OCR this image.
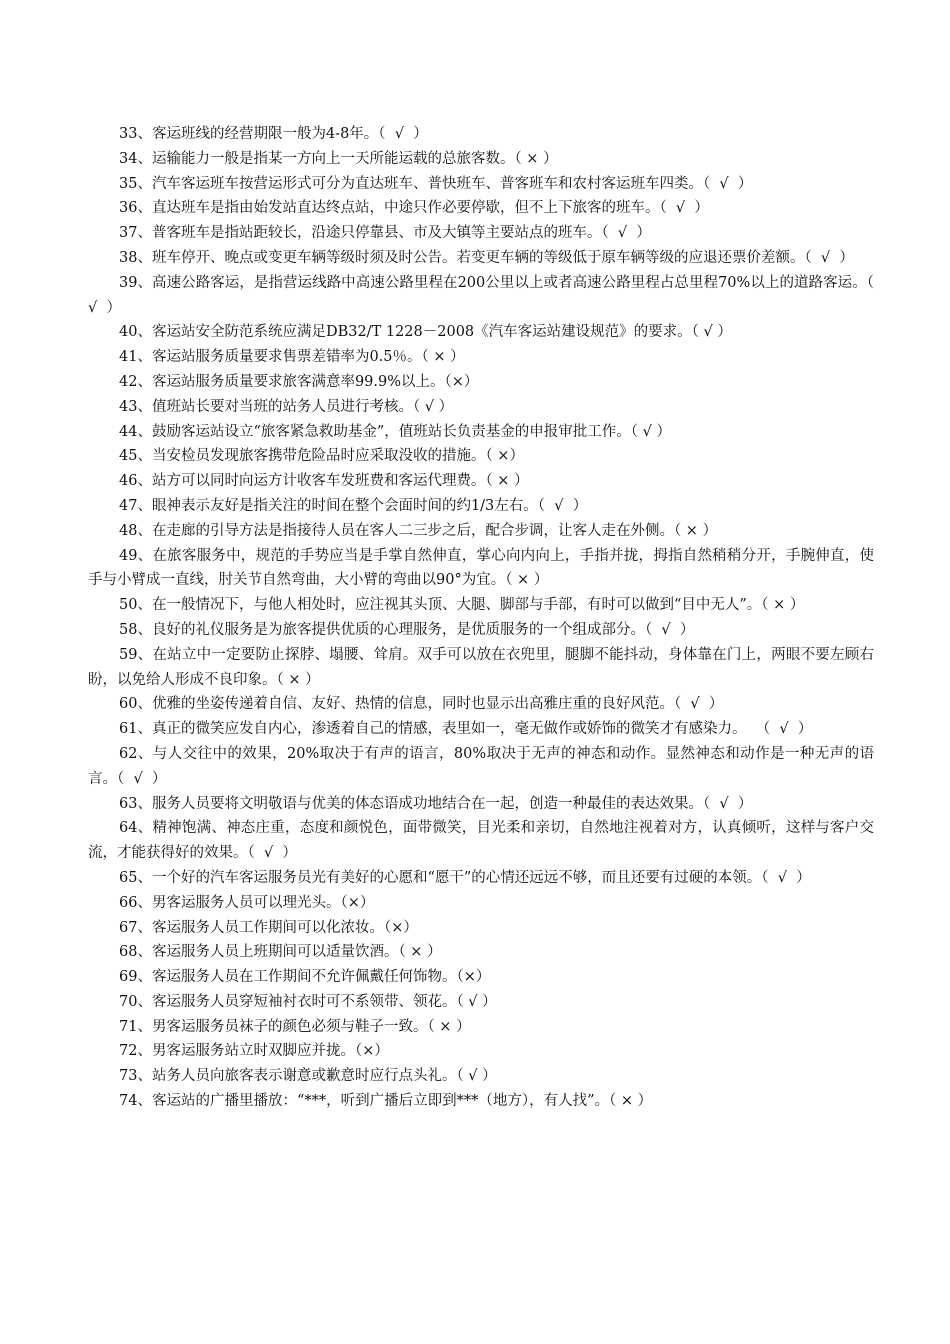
33、客运班线的经营期限一般为4-8年。（  √  ）
34、运输能力一般是指某一方向上一天所能运载的总旅客数。（ × ）
35、汽车客运班车按营运形式可分为直达班车、普快班车、普客班车和农村客运班车四类。（  √  ）
36、直达班车是指由始发站直达终点站，中途只作必要停歇，但不上下旅客的班车。（  √  ）
37、普客班车是指站距较长，沿途只停靠县、市及大镇等主要站点的班车。（  √  ）
38、班车停开、晚点或变更车辆等级时须及时公告。若变更车辆的等级低于原车辆等级的应退还票价差额。（  √  ）
39、高速公路客运，是指营运线路中高速公路里程在200公里以上或者高速公路里程占总里程70%以上的道路客运。（  √  ）
40、客运站安全防范系统应满足DB32/T 1228－2008《汽车客运站建设规范》的要求。（ √ ）
41、客运站服务质量要求售票差错率为0.5％。（ × ）
42、客运站服务质量要求旅客满意率99.9%以上。（×）
43、值班站长要对当班的站务人员进行考核。（ √ ）
44、鼓励客运站设立“旅客紧急救助基金”，值班站长负责基金的申报审批工作。（ √ ）
45、当安检员发现旅客携带危险品时应采取没收的措施。（ ×）
46、站方可以同时向运方计收客车发班费和客运代理费。（ × ）
47、眼神表示友好是指关注的时间在整个会面时间的约1/3左右。（  √  ）
48、在走廊的引导方法是指接待人员在客人二三步之后，配合步调，让客人走在外侧。（ × ）
49、在旅客服务中，规范的手势应当是手掌自然伸直，掌心向内向上，手指并拢，拇指自然稍稍分开，手腕伸直，使手与小臂成一直线，肘关节自然弯曲，大小臂的弯曲以90°为宜。（ × ）
50、在一般情况下，与他人相处时，应注视其头顶、大腿、脚部与手部，有时可以做到“目中无人”。（ × ）
58、良好的礼仪服务是为旅客提供优质的心理服务，是优质服务的一个组成部分。（  √  ）
59、在站立中一定要防止探脖、塌腰、耸肩。双手可以放在衣兜里，腿脚不能抖动，身体靠在门上，两眼不要左顾右盼，以免给人形成不良印象。（ × ）
60、优雅的坐姿传递着自信、友好、热情的信息，同时也显示出高雅庄重的良好风范。（  √  ）
61、真正的微笑应发自内心，渗透着自己的情感，表里如一，毫无做作或娇饰的微笑才有感染力。  （  √  ）
62、与人交往中的效果，20%取决于有声的语言，80%取决于无声的神态和动作。显然神态和动作是一种无声的语言。（  √  ）
63、服务人员要将文明敬语与优美的体态语成功地结合在一起，创造一种最佳的表达效果。（  √  ）
64、精神饱满、神态庄重，态度和颜悦色，面带微笑，目光柔和亲切，自然地注视着对方，认真倾听，这样与客户交流，才能获得好的效果。（  √  ）
65、一个好的汽车客运服务员光有美好的心愿和“愿干”的心情还远远不够，而且还要有过硬的本领。（  √  ）
66、男客运服务人员可以理光头。（×）
67、客运服务人员工作期间可以化浓妆。（×）
68、客运服务人员上班期间可以适量饮酒。（ × ）
69、客运服务人员在工作期间不允许佩戴任何饰物。（×）
70、客运服务人员穿短袖衬衣时可不系领带、领花。（ √ ）
71、男客运服务员袜子的颜色必须与鞋子一致。（ × ）
72、男客运服务站立时双脚应并拢。（×）
73、站务人员向旅客表示谢意或歉意时应行点头礼。（ √ ）
74、客运站的广播里播放：“***，听到广播后立即到***（地方），有人找”。（ × ）
